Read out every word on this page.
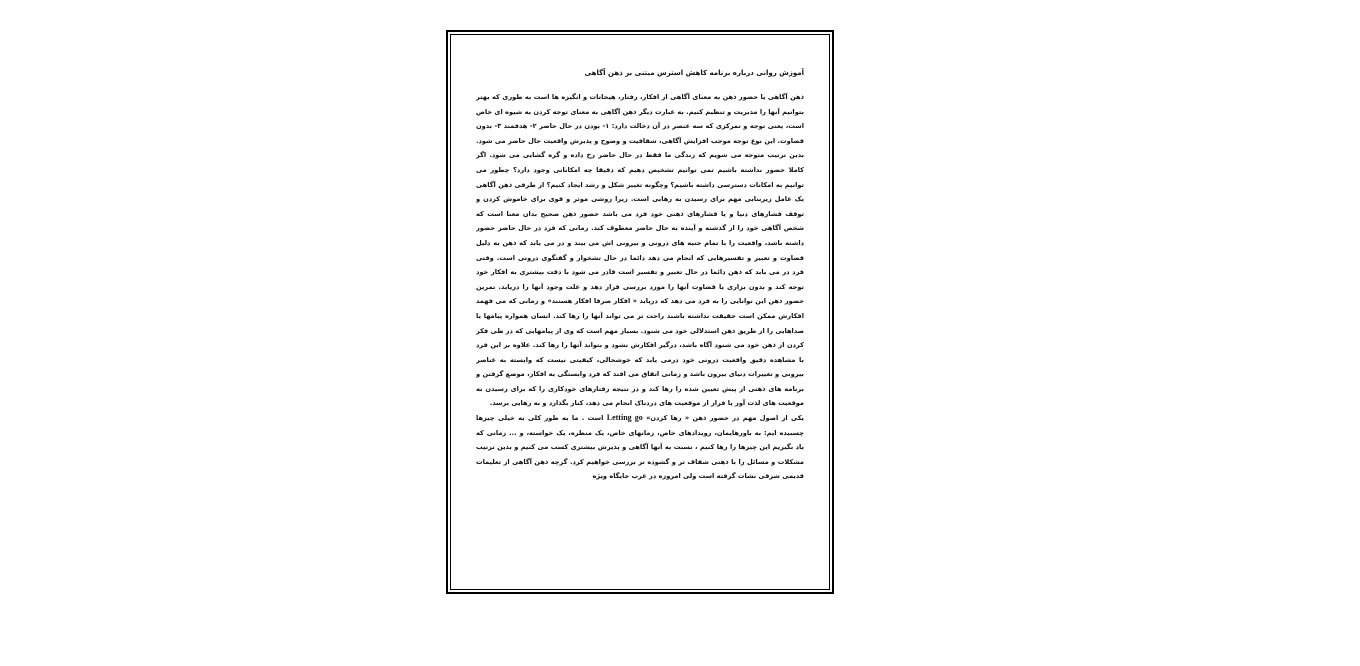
آموزش روانی درباره برنامه کاهش استرس مبتنی بر ذهن آگاهی

ذهن آگاهی یا حضور ذهن به معنای آگاهی از افکار، رفتار، هیجانات و انگیزه ها است به طوری که بهتر بتوانیم آنها را مدیریت و تنظیم کنیم. به عبارت دیگر ذهن آگاهی به معنای توجه کردن به شیوه ای خاص است، یعنی توجه و تمرکزی که سه عنصر در آن دخالت دارد: ۱- بودن در حال حاضر ۲- هدفمند ۳- بدون قضاوت. این نوع توجه موجب افزایش آگاهی، شفافیت و وضوح و پذیرش واقعیت حال حاضر می شود. بدین ترتیب متوجه می شویم که زندگی ما فقط در حال حاضر رخ داده و گره گشایی می شود. اگر کاملا حضور نداشته باشیم تمی توانیم تشخیص دهیم که دقیقا چه امکاناتی وجود دارد؟ چطور می توانیم به امکانات دسترسی داشته باشیم؟ وچگونه تغییر شکل و رشد ایجاد کنیم؟ از طرفی ذهن آگاهی یک عامل زیربنایی مهم برای رسیدن به رهایی است. زیرا روشی موثر و قوی برای خاموش کردن و توقف فشارهای دنیا و یا فشارهای ذهنی خود فرد می باشد حضور ذهن صحیح بدان معنا است که شخص آگاهی خود را از گذشته و آینده به حال حاضر معطوف کند. زمانی که فرد در حال حاضر حضور داشته باشد، واقعیت را با تمام جنبه های درونی و بیرونی اش می بیند و در می یابد که ذهن به دلیل قضاوت و تعبیر و تفسیرهایی که انجام می دهد دائما در حال تشخوار و گفتگوی درونی است. وقتی فرد در می یابد که ذهن دائما در حال تعبیر و تفسیر است قادر می شود با دقت بیشتری به افکار خود توجه کند و بدون بزاری یا قضاوت آنها را مورد بررسی قرار دهد و علت وجود آنها را دریابد. تمرین حضور ذهن این توانایی را به فرد می دهد که دریابد « افکار صرفا افکار هستند» و زمانی که می فهمد افکارش ممکن است حقیقت نداشته باشند راحت تر می تواند آنها را رها کند. انسان همواره پیامها یا صداهایی را از طریق ذهن استدلالی خود می شنود. بسیار مهم است که وی از پیامهایی که در طی فکر کردن از ذهن خود می شنود آگاه باشد، درگیر افکارش نشود و بتواند آنها را رها کند. علاوه بر این فرد با مشاهده دقیق واقعیت درونی خود درمی یابد که خوشحالی، کیفیتی نیست که وابسته به عناصر بیرونی و تغییرات دنیای بیرون باشد و زمانی اتفاق می افتد که فرد وابستگی به افکار، موضع گرفتن و برنامه های ذهنی از پیش تعیین شده را رها کند و در نتیجه رفتارهای خودکاری را که برای رسیدن به موقعیت های لذت آور یا فرار از موقعیت های دردناک انجام می دهد، کنار بگذارد و به رهایی برسد.

یکی از اصول مهم در حضور ذهن « رها کردن» Letting go است . ما به طور کلی به خیلی چیزها چسبیده ایم: به باورهایمان، رویدادهای خاص، زمانهای خاص، یک منظره، یک خواسته، و ... زمانی که یاد بگیریم این چیزها را رها کنیم ، نسبت به آنها آگاهی و پذیرش بیشتری کسب می کنیم و بدین ترتیب مشکلات و مسائل را با ذهنی شفاف تر و گشوده تر بررسی خواهیم کرد. گرچه ذهن آگاهی از تعلیمات قدیمی شرقی نشات گرفته است ولی امروزه در غرب جایگاه ویژه
